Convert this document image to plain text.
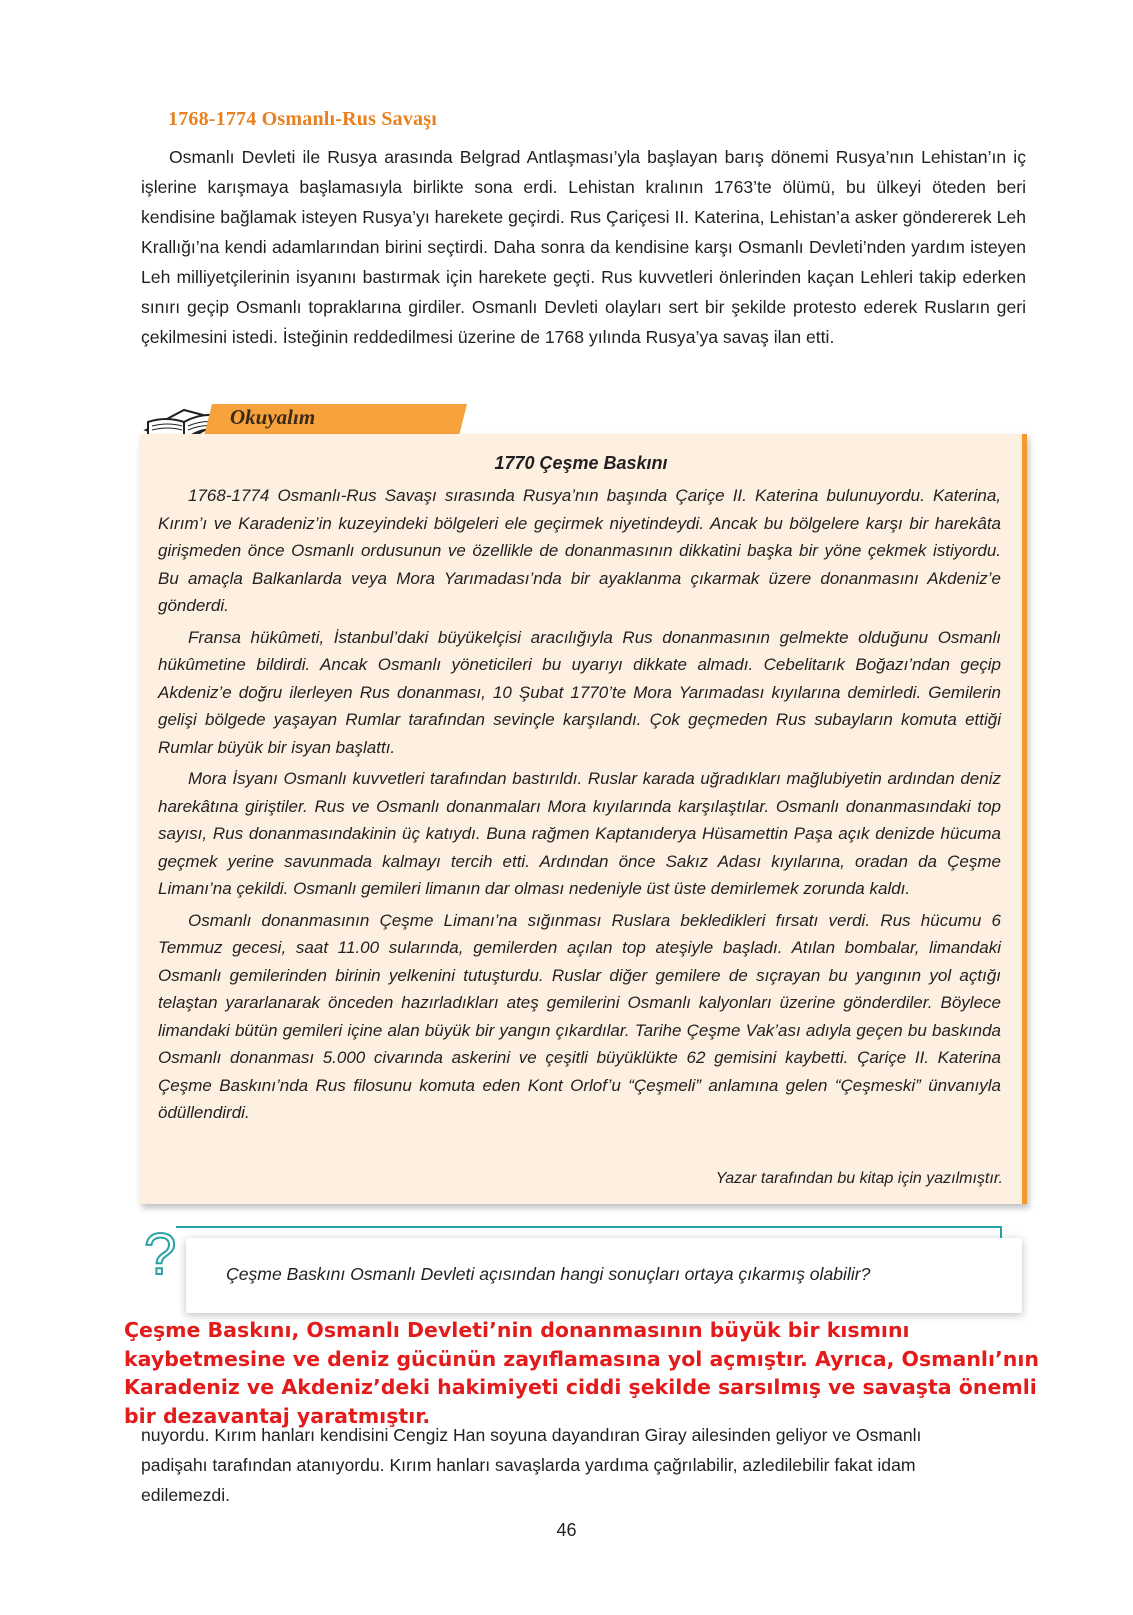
1768-1774 Osmanlı-Rus Savaşı

Osmanlı Devleti ile Rusya arasında Belgrad Antlaşması’yla başlayan barış dönemi Rusya’nın Lehistan’ın iç işlerine karışmaya başlamasıyla birlikte sona erdi. Lehistan kralının 1763’te ölümü, bu ülkeyi öteden beri kendisine bağlamak isteyen Rusya’yı harekete geçirdi. Rus Çariçesi II. Katerina, Lehistan’a asker göndererek Leh Krallığı’na kendi adamlarından birini seçtirdi. Daha sonra da kendisine karşı Osmanlı Devleti’nden yardım isteyen Leh milliyetçilerinin isyanını bastırmak için harekete geçti. Rus kuvvetleri önlerinden kaçan Lehleri takip ederken sınırı geçip Osmanlı topraklarına girdiler. Osmanlı Devleti olayları sert bir şekilde protesto ederek Rusların geri çekilmesini istedi. İsteğinin reddedilmesi üzerine de 1768 yılında Rusya’ya savaş ilan etti.

Okuyalım
1770 Çeşme Baskını

1768-1774 Osmanlı-Rus Savaşı sırasında Rusya’nın başında Çariçe II. Katerina bulunuyordu. Katerina, Kırım’ı ve Karadeniz’in kuzeyindeki bölgeleri ele geçirmek niyetindeydi. Ancak bu bölgelere karşı bir harekâta girişmeden önce Osmanlı ordusunun ve özellikle de donanmasının dikkatini başka bir yöne çekmek istiyordu. Bu amaçla Balkanlarda veya Mora Yarımadası’nda bir ayaklanma çıkarmak üzere donanmasını Akdeniz’e gönderdi.

Fransa hükûmeti, İstanbul’daki büyükelçisi aracılığıyla Rus donanmasının gelmekte olduğunu Osmanlı hükûmetine bildirdi. Ancak Osmanlı yöneticileri bu uyarıyı dikkate almadı. Cebelitarık Boğazı’ndan geçip Akdeniz’e doğru ilerleyen Rus donanması, 10 Şubat 1770’te Mora Yarımadası kıyılarına demirledi. Gemilerin gelişi bölgede yaşayan Rumlar tarafından sevinçle karşılandı. Çok geçmeden Rus subayların komuta ettiği Rumlar büyük bir isyan başlattı.

Mora İsyanı Osmanlı kuvvetleri tarafından bastırıldı. Ruslar karada uğradıkları mağlubiyetin ardından deniz harekâtına giriştiler. Rus ve Osmanlı donanmaları Mora kıyılarında karşılaştılar. Osmanlı donanmasındaki top sayısı, Rus donanmasındakinin üç katıydı. Buna rağmen Kaptanıderya Hüsamettin Paşa açık denizde hücuma geçmek yerine savunmada kalmayı tercih etti. Ardından önce Sakız Adası kıyılarına, oradan da Çeşme Limanı’na çekildi. Osmanlı gemileri limanın dar olması nedeniyle üst üste demirlemek zorunda kaldı.

Osmanlı donanmasının Çeşme Limanı’na sığınması Ruslara bekledikleri fırsatı verdi. Rus hücumu 6 Temmuz gecesi, saat 11.00 sularında, gemilerden açılan top ateşiyle başladı. Atılan bombalar, limandaki Osmanlı gemilerinden birinin yelkenini tutuşturdu. Ruslar diğer gemilere de sıçrayan bu yangının yol açtığı telaştan yararlanarak önceden hazırladıkları ateş gemilerini Osmanlı kalyonları üzerine gönderdiler. Böylece limandaki bütün gemileri içine alan büyük bir yangın çıkardılar. Tarihe Çeşme Vak’ası adıyla geçen bu baskında Osmanlı donanması 5.000 civarında askerini ve çeşitli büyüklükte 62 gemisini kaybetti. Çariçe II. Katerina Çeşme Baskını’nda Rus filosunu komuta eden Kont Orlof’u “Çeşmeli” anlamına gelen “Çeşmeski” ünvanıyla ödüllendirdi.

Yazar tarafından bu kitap için yazılmıştır.
?	Çeşme Baskını Osmanlı Devleti açısından hangi sonuçları ortaya çıkarmış olabilir?
nuyordu. Kırım hanları kendisini Cengiz Han soyuna dayandıran Giray ailesinden geliyor ve Osmanlı
padişahı tarafından atanıyordu. Kırım hanları savaşlarda yardıma çağrılabilir, azledilebilir fakat idam
edilemezdi.
Çeşme Baskını, Osmanlı Devleti’nin donanmasının büyük bir kısmını kaybetmesine ve deniz gücünün zayıflamasına yol açmıştır. Ayrıca, Osmanlı’nın Karadeniz ve Akdeniz’deki hakimiyeti ciddi şekilde sarsılmış ve savaşta önemli bir dezavantaj yaratmıştır.
46
